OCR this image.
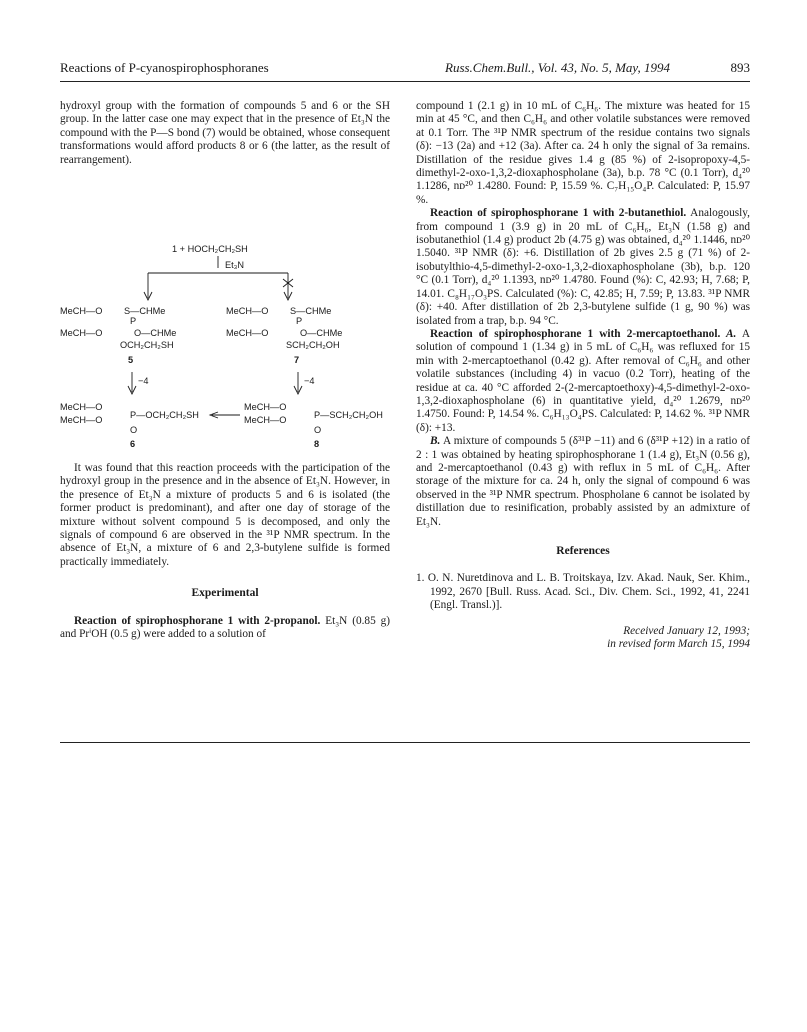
Reactions of P-cyanospirophosphoranes	Russ.Chem.Bull., Vol. 43, No. 5, May, 1994	893

hydroxyl group with the formation of compounds 5 and 6 or the SH group. In the latter case one may expect that in the presence of Et₃N the compound with the P—S bond (7) would be obtained, whose consequent transformations would afford products 8 or 6 (the latter, as the result of rearrangement).

1 + HOCH₂CH₂SH
Et₃N
MeCH—O S—CHMe
P
MeCH—O	O—CHMe
OCH₂CH₂SH
5
MeCH—O S—CHMe
P
MeCH—O	O—CHMe
SCH₂CH₂OH
7
−4	−4
MeCH—O
MeCH—O	P—OCH₂CH₂SH
O
6
MeCH—O
MeCH—O	P—SCH₂CH₂OH
O
8

It was found that this reaction proceeds with the participation of the hydroxyl group in the presence and in the absence of Et₃N. However, in the presence of Et₃N a mixture of products 5 and 6 is isolated (the former product is predominant), and after one day of storage of the mixture without solvent compound 5 is decomposed, and only the signals of compound 6 are observed in the ³¹P NMR spectrum. In the absence of Et₃N, a mixture of 6 and 2,3-butylene sulfide is formed practically immediately.

Experimental

Reaction of spirophosphorane 1 with 2-propanol. Et₃N (0.85 g) and PrⁱOH (0.5 g) were added to a solution of

compound 1 (2.1 g) in 10 mL of C₆H₆. The mixture was heated for 15 min at 45 °C, and then C₆H₆ and other volatile substances were removed at 0.1 Torr. The ³¹P NMR spectrum of the residue contains two signals (δ): −13 (2a) and +12 (3a). After ca. 24 h only the signal of 3a remains. Distillation of the residue gives 1.4 g (85 %) of 2-isopropoxy-4,5-dimethyl-2-oxo-1,3,2-dioxaphospholane (3a), b.p. 78 °C (0.1 Torr), d₄²⁰ 1.1286, nᴅ²⁰ 1.4280. Found: P, 15.59 %. C₇H₁₅O₄P. Calculated: P, 15.97 %.

Reaction of spirophosphorane 1 with 2-butanethiol. Analogously, from compound 1 (3.9 g) in 20 mL of C₆H₆, Et₃N (1.58 g) and isobutanethiol (1.4 g) product 2b (4.75 g) was obtained, d₄²⁰ 1.1446, nᴅ²⁰ 1.5040. ³¹P NMR (δ): +6. Distillation of 2b gives 2.5 g (71 %) of 2-isobutylthio-4,5-dimethyl-2-oxo-1,3,2-dioxaphospholane (3b), b.p. 120 °C (0.1 Torr), d₄²⁰ 1.1393, nᴅ²⁰ 1.4780. Found (%): C, 42.93; H, 7.68; P, 14.01. C₈H₁₇O₃PS. Calculated (%): C, 42.85; H, 7.59; P, 13.83. ³¹P NMR (δ): +40. After distillation of 2b 2,3-butylene sulfide (1 g, 90 %) was isolated from a trap, b.p. 94 °C.

Reaction of spirophosphorane 1 with 2-mercaptoethanol. A. A solution of compound 1 (1.34 g) in 5 mL of C₆H₆ was refluxed for 15 min with 2-mercaptoethanol (0.42 g). After removal of C₆H₆ and other volatile substances (including 4) in vacuo (0.2 Torr), heating of the residue at ca. 40 °C afforded 2-(2-mercaptoethoxy)-4,5-dimethyl-2-oxo-1,3,2-dioxaphospholane (6) in quantitative yield, d₄²⁰ 1.2679, nᴅ²⁰ 1.4750. Found: P, 14.54 %. C₆H₁₃O₄PS. Calculated: P, 14.62 %. ³¹P NMR (δ): +13.

B. A mixture of compounds 5 (δ³¹P −11) and 6 (δ³¹P +12) in a ratio of 2 : 1 was obtained by heating spirophosphorane 1 (1.4 g), Et₃N (0.56 g), and 2-mercaptoethanol (0.43 g) with reflux in 5 mL of C₆H₆. After storage of the mixture for ca. 24 h, only the signal of compound 6 was observed in the ³¹P NMR spectrum. Phospholane 6 cannot be isolated by distillation due to resinification, probably assisted by an admixture of Et₃N.

References

1. O. N. Nuretdinova and L. B. Troitskaya, Izv. Akad. Nauk, Ser. Khim., 1992, 2670 [Bull. Russ. Acad. Sci., Div. Chem. Sci., 1992, 41, 2241 (Engl. Transl.)].

Received January 12, 1993;

in revised form March 15, 1994
